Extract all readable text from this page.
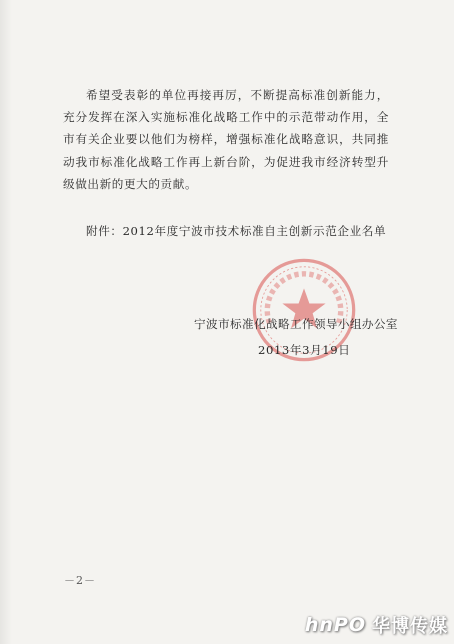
希望受表彰的单位再接再厉，不断提高标准创新能力，充分发挥在深入实施标准化战略工作中的示范带动作用，全市有关企业要以他们为榜样，增强标准化战略意识，共同推动我市标准化战略工作再上新台阶，为促进我市经济转型升级做出新的更大的贡献。

附件：2012年度宁波市技术标准自主创新示范企业名单
宁波市标准化战略工作领导小组办公室
2013年3月19日
－2－
hnPO 华博传媒
